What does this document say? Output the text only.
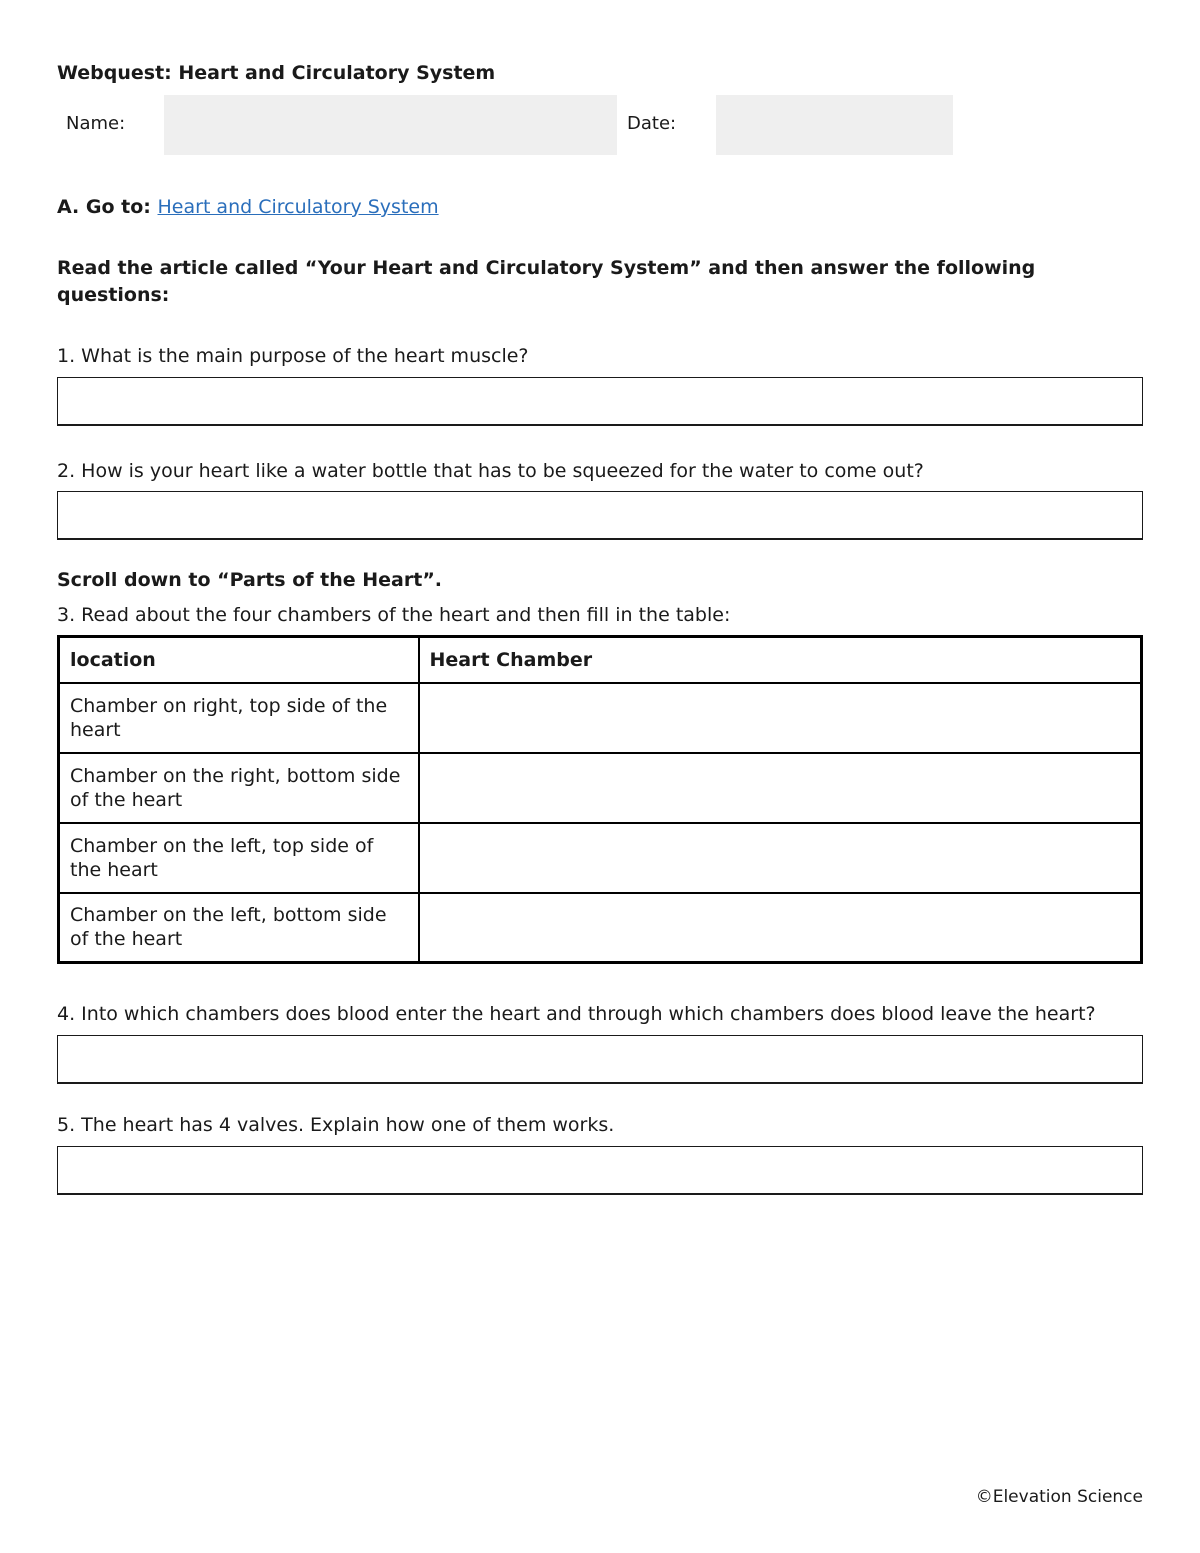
Webquest: Heart and Circulatory System
Name:	Date:
A. Go to: Heart and Circulatory System
Read the article called “Your Heart and Circulatory System” and then answer the following questions:
1. What is the main purpose of the heart muscle?
2. How is your heart like a water bottle that has to be squeezed for the water to come out?
Scroll down to “Parts of the Heart”.
3. Read about the four chambers of the heart and then fill in the table:
location	Heart Chamber
Chamber on right, top side of the heart	
Chamber on the right, bottom side of the heart	
Chamber on the left, top side of the heart	
Chamber on the left, bottom side of the heart	
4. Into which chambers does blood enter the heart and through which chambers does blood leave the heart?
5. The heart has 4 valves. Explain how one of them works.
©Elevation Science
